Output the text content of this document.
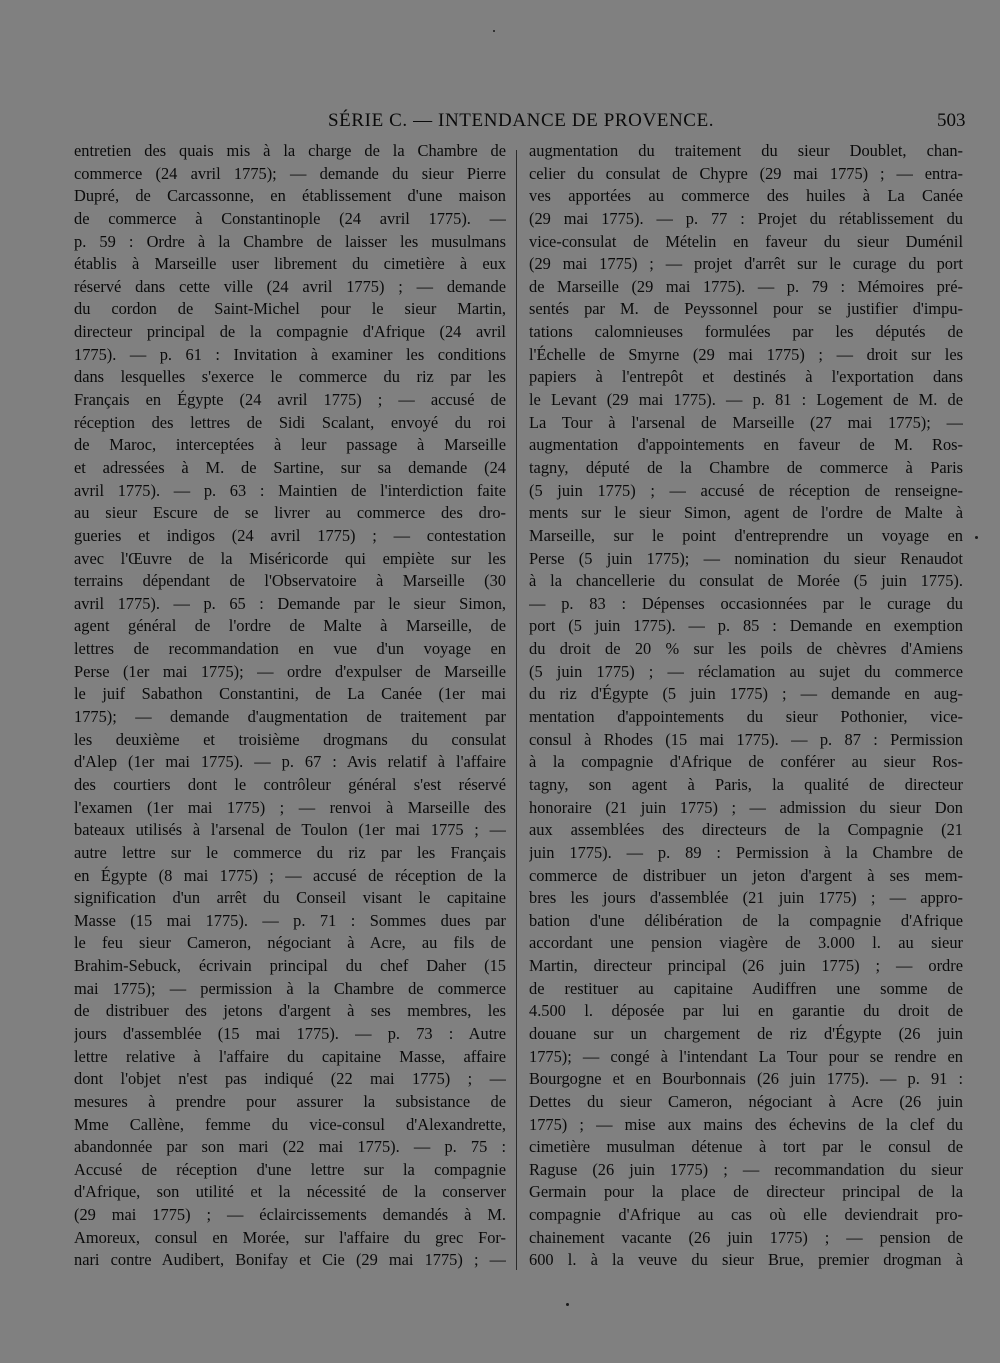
SÉRIE C. — INTENDANCE DE PROVENCE.	503
entretien des quais mis à la charge de la Chambre de
commerce (24 avril 1775); — demande du sieur Pierre
Dupré, de Carcassonne, en établissement d'une maison
de commerce à Constantinople (24 avril 1775). —
p. 59 : Ordre à la Chambre de laisser les musulmans
établis à Marseille user librement du cimetière à eux
réservé dans cette ville (24 avril 1775) ; — demande
du cordon de Saint-Michel pour le sieur Martin,
directeur principal de la compagnie d'Afrique (24 avril
1775). — p. 61 : Invitation à examiner les conditions
dans lesquelles s'exerce le commerce du riz par les
Français en Égypte (24 avril 1775) ; — accusé de
réception des lettres de Sidi Scalant, envoyé du roi
de Maroc, interceptées à leur passage à Marseille
et adressées à M. de Sartine, sur sa demande (24
avril 1775). — p. 63 : Maintien de l'interdiction faite
au sieur Escure de se livrer au commerce des dro-
gueries et indigos (24 avril 1775) ; — contestation
avec l'Œuvre de la Miséricorde qui empiète sur les
terrains dépendant de l'Observatoire à Marseille (30
avril 1775). — p. 65 : Demande par le sieur Simon,
agent général de l'ordre de Malte à Marseille, de
lettres de recommandation en vue d'un voyage en
Perse (1er mai 1775); — ordre d'expulser de Marseille
le juif Sabathon Constantini, de La Canée (1er mai
1775); — demande d'augmentation de traitement par
les deuxième et troisième drogmans du consulat
d'Alep (1er mai 1775). — p. 67 : Avis relatif à l'affaire
des courtiers dont le contrôleur général s'est réservé
l'examen (1er mai 1775) ; — renvoi à Marseille des
bateaux utilisés à l'arsenal de Toulon (1er mai 1775 ; —
autre lettre sur le commerce du riz par les Français
en Égypte (8 mai 1775) ; — accusé de réception de la
signification d'un arrêt du Conseil visant le capitaine
Masse (15 mai 1775). — p. 71 : Sommes dues par
le feu sieur Cameron, négociant à Acre, au fils de
Brahim-Sebuck, écrivain principal du chef Daher (15
mai 1775); — permission à la Chambre de commerce
de distribuer des jetons d'argent à ses membres, les
jours d'assemblée (15 mai 1775). — p. 73 : Autre
lettre relative à l'affaire du capitaine Masse, affaire
dont l'objet n'est pas indiqué (22 mai 1775) ; —
mesures à prendre pour assurer la subsistance de
Mme Callène, femme du vice-consul d'Alexandrette,
abandonnée par son mari (22 mai 1775). — p. 75 :
Accusé de réception d'une lettre sur la compagnie
d'Afrique, son utilité et la nécessité de la conserver
(29 mai 1775) ; — éclaircissements demandés à M.
Amoreux, consul en Morée, sur l'affaire du grec For-
nari contre Audibert, Bonifay et Cie (29 mai 1775) ; —
augmentation du traitement du sieur Doublet, chan-
celier du consulat de Chypre (29 mai 1775) ; — entra-
ves apportées au commerce des huiles à La Canée
(29 mai 1775). — p. 77 : Projet du rétablissement du
vice-consulat de Mételin en faveur du sieur Duménil
(29 mai 1775) ; — projet d'arrêt sur le curage du port
de Marseille (29 mai 1775). — p. 79 : Mémoires pré-
sentés par M. de Peyssonnel pour se justifier d'impu-
tations calomnieuses formulées par les députés de
l'Échelle de Smyrne (29 mai 1775) ; — droit sur les
papiers à l'entrepôt et destinés à l'exportation dans
le Levant (29 mai 1775). — p. 81 : Logement de M. de
La Tour à l'arsenal de Marseille (27 mai 1775); —
augmentation d'appointements en faveur de M. Ros-
tagny, député de la Chambre de commerce à Paris
(5 juin 1775) ; — accusé de réception de renseigne-
ments sur le sieur Simon, agent de l'ordre de Malte à
Marseille, sur le point d'entreprendre un voyage en
Perse (5 juin 1775); — nomination du sieur Renaudot
à la chancellerie du consulat de Morée (5 juin 1775).
— p. 83 : Dépenses occasionnées par le curage du
port (5 juin 1775). — p. 85 : Demande en exemption
du droit de 20 % sur les poils de chèvres d'Amiens
(5 juin 1775) ; — réclamation au sujet du commerce
du riz d'Égypte (5 juin 1775) ; — demande en aug-
mentation d'appointements du sieur Pothonier, vice-
consul à Rhodes (15 mai 1775). — p. 87 : Permission
à la compagnie d'Afrique de conférer au sieur Ros-
tagny, son agent à Paris, la qualité de directeur
honoraire (21 juin 1775) ; — admission du sieur Don
aux assemblées des directeurs de la Compagnie (21
juin 1775). — p. 89 : Permission à la Chambre de
commerce de distribuer un jeton d'argent à ses mem-
bres les jours d'assemblée (21 juin 1775) ; — appro-
bation d'une délibération de la compagnie d'Afrique
accordant une pension viagère de 3.000 l. au sieur
Martin, directeur principal (26 juin 1775) ; — ordre
de restituer au capitaine Audiffren une somme de
4.500 l. déposée par lui en garantie du droit de
douane sur un chargement de riz d'Égypte (26 juin
1775); — congé à l'intendant La Tour pour se rendre en
Bourgogne et en Bourbonnais (26 juin 1775). — p. 91 :
Dettes du sieur Cameron, négociant à Acre (26 juin
1775) ; — mise aux mains des échevins de la clef du
cimetière musulman détenue à tort par le consul de
Raguse (26 juin 1775) ; — recommandation du sieur
Germain pour la place de directeur principal de la
compagnie d'Afrique au cas où elle deviendrait pro-
chainement vacante (26 juin 1775) ; — pension de
600 l. à la veuve du sieur Brue, premier drogman à
